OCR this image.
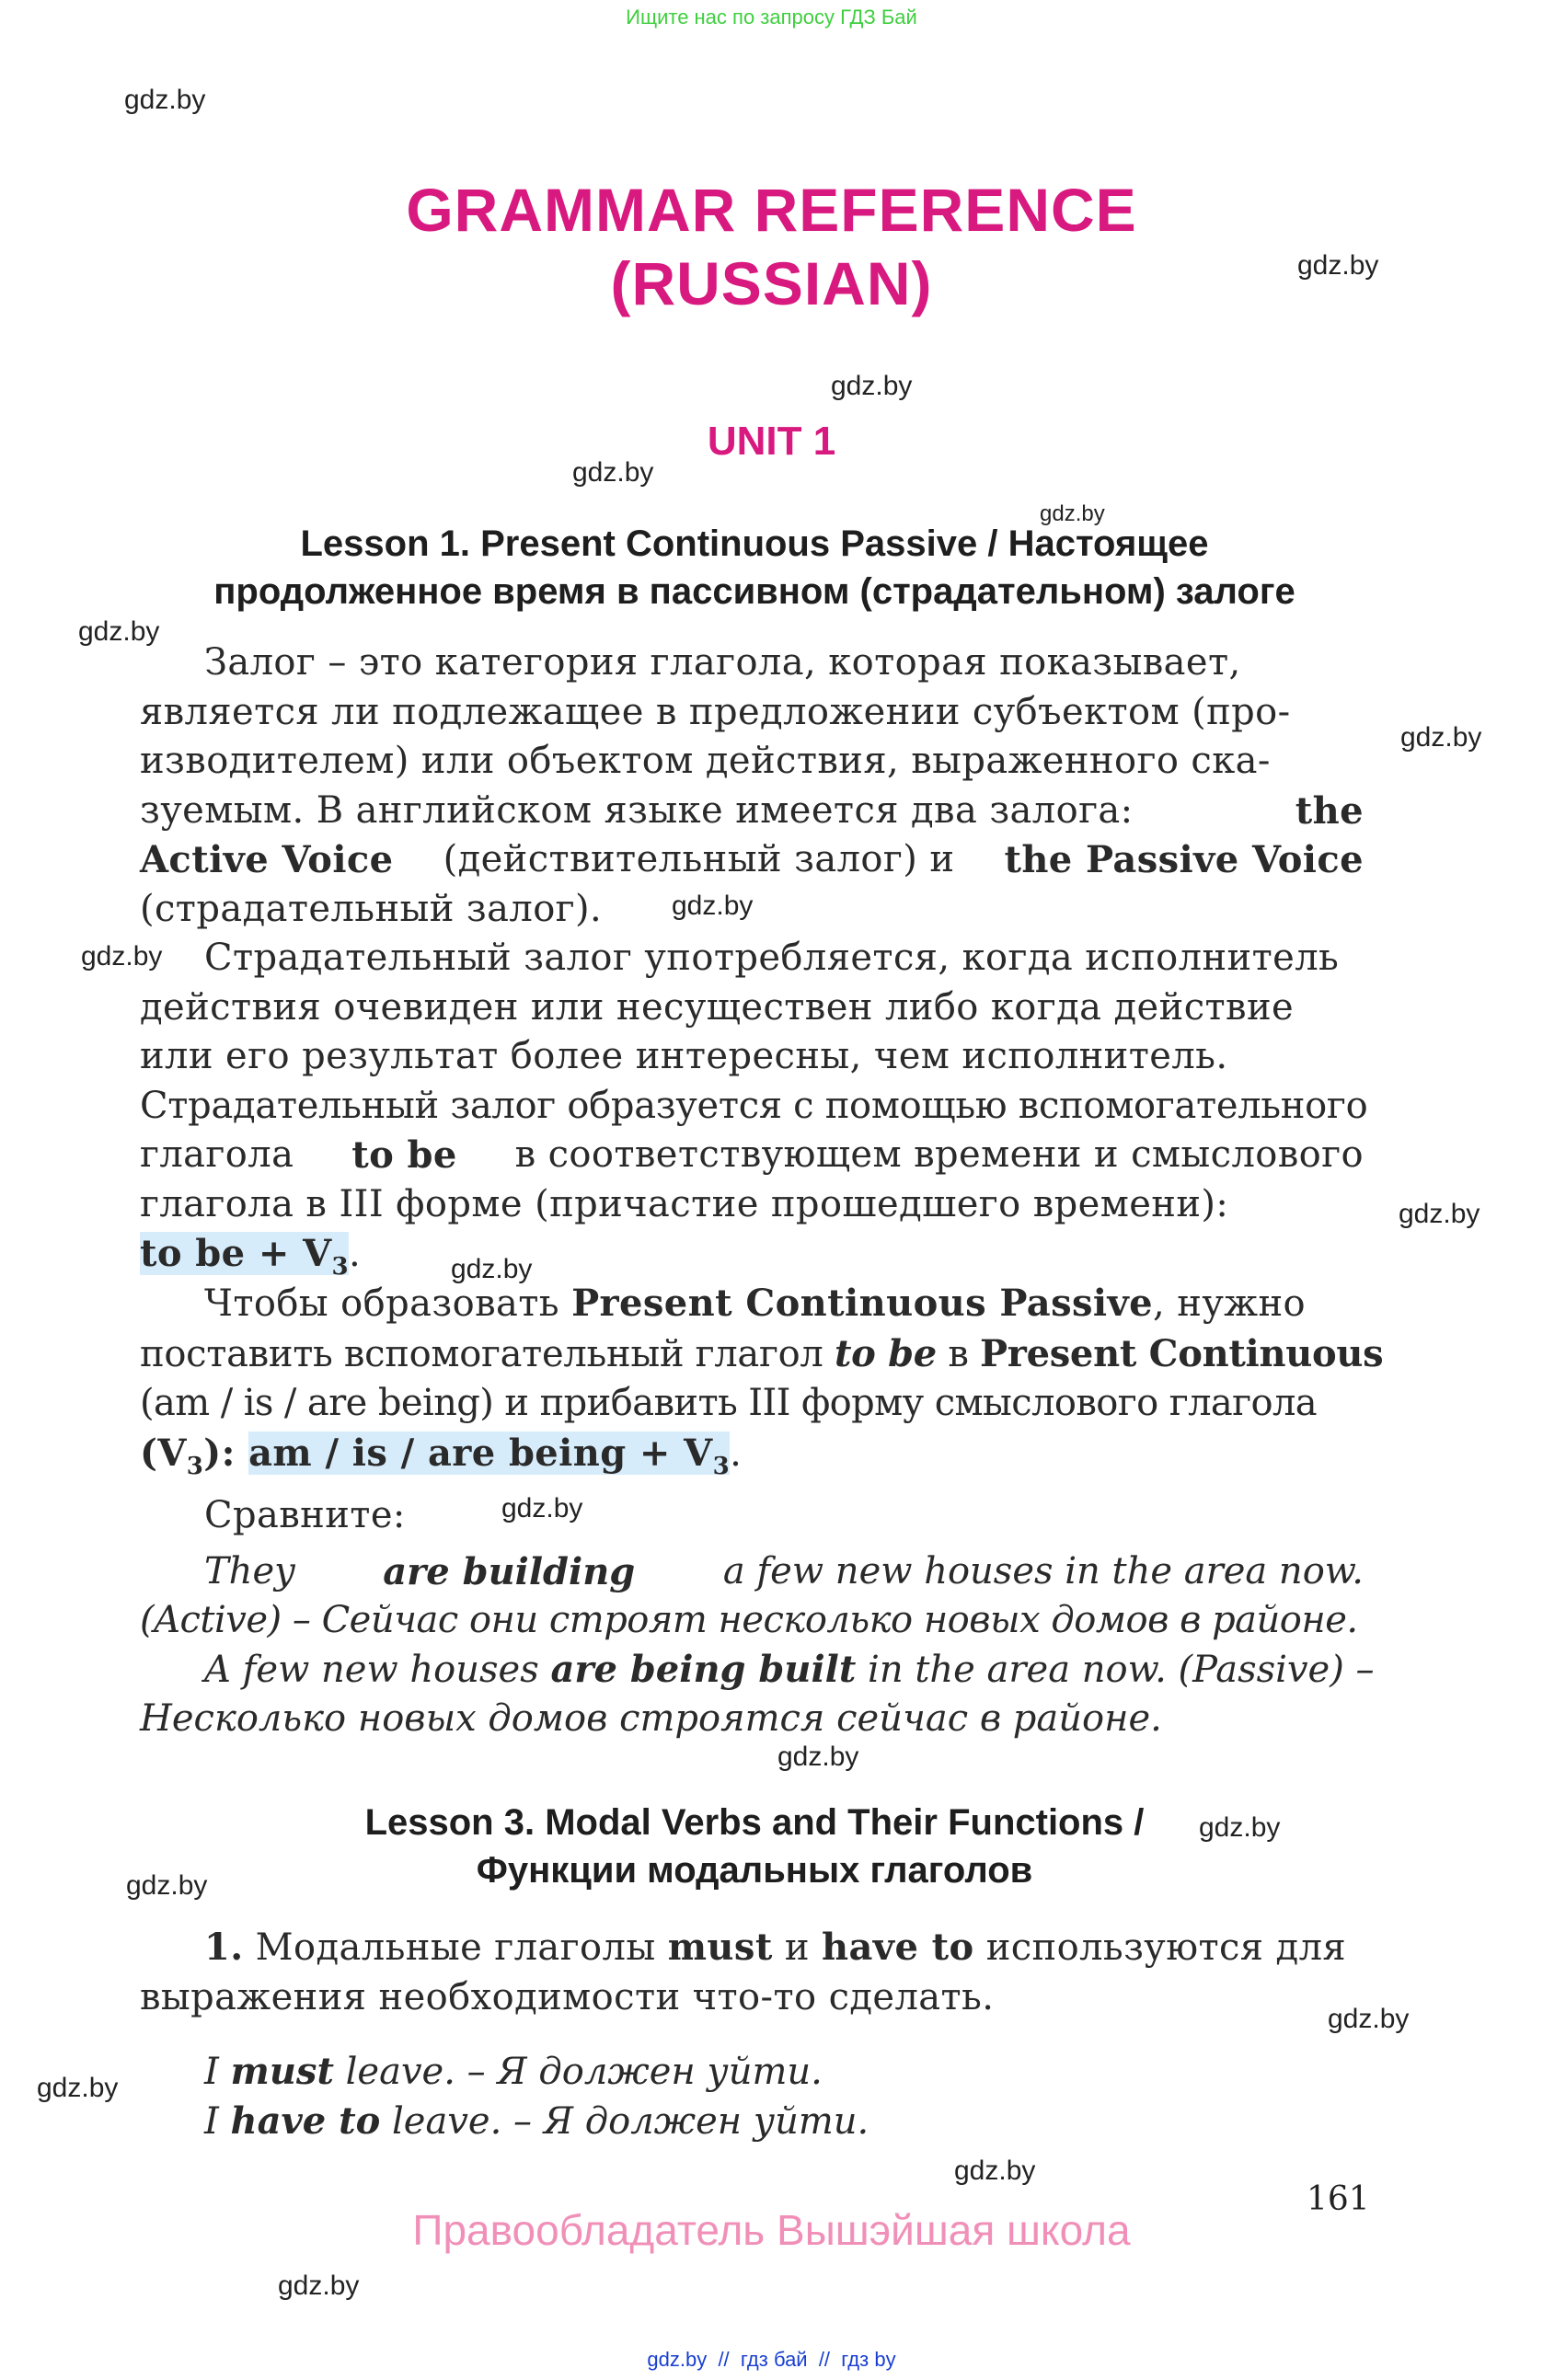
Ищите нас по запросу ГДЗ Бай
gdz.by
gdz.by
gdz.by
gdz.by
gdz.by
gdz.by
gdz.by
gdz.by
gdz.by
gdz.by
gdz.by
gdz.by
gdz.by
gdz.by
gdz.by
gdz.by
gdz.by
gdz.by
gdz.by
GRAMMAR REFERENCE
(RUSSIAN)
UNIT 1
Lesson 1. Present Continuous Passive / Настоящее
продолженное время в пассивном (страдательном) залоге
Залог – это категория глагола, которая показывает,
является ли подлежащее в предложении субъектом (про-
изводителем) или объектом действия, выраженного ска-
зуемым. В английском языке имеется два залога:	the
Active Voice (действительный залог) и the Passive Voice
(страдательный залог).
Страдательный залог употребляется, когда исполнитель
действия очевиден или несуществен либо когда действие
или его результат более интересны, чем исполнитель.
Страдательный залог образуется с помощью вспомогательного
глагола to be в соответствующем времени и смыслового
глагола в III форме (причастие прошедшего времени):
to be + $V_3$.
Чтобы образовать Present Continuous Passive, нужно
поставить вспомогательный глагол to be в Present Continuous
(am / is / are being) и прибавить III форму смыслового глагола
$(V_3)$: am / is / are being + $V_3$.
Сравните:
They are building a few new houses in the area now.
(Active) – Сейчас они строят несколько новых домов в районе.
A few new houses are being built in the area now. (Passive) –
Несколько новых домов строятся сейчас в районе.
Lesson 3. Modal Verbs and Their Functions /
Функции модальных глаголов
1. Модальные глаголы must и have to используются для
выражения необходимости что-то сделать.
I must leave. – Я должен уйти.
I have to leave. – Я должен уйти.
161
Правообладатель Вышэйшая школа
gdz.by  //  гдз бай  //  гдз by
